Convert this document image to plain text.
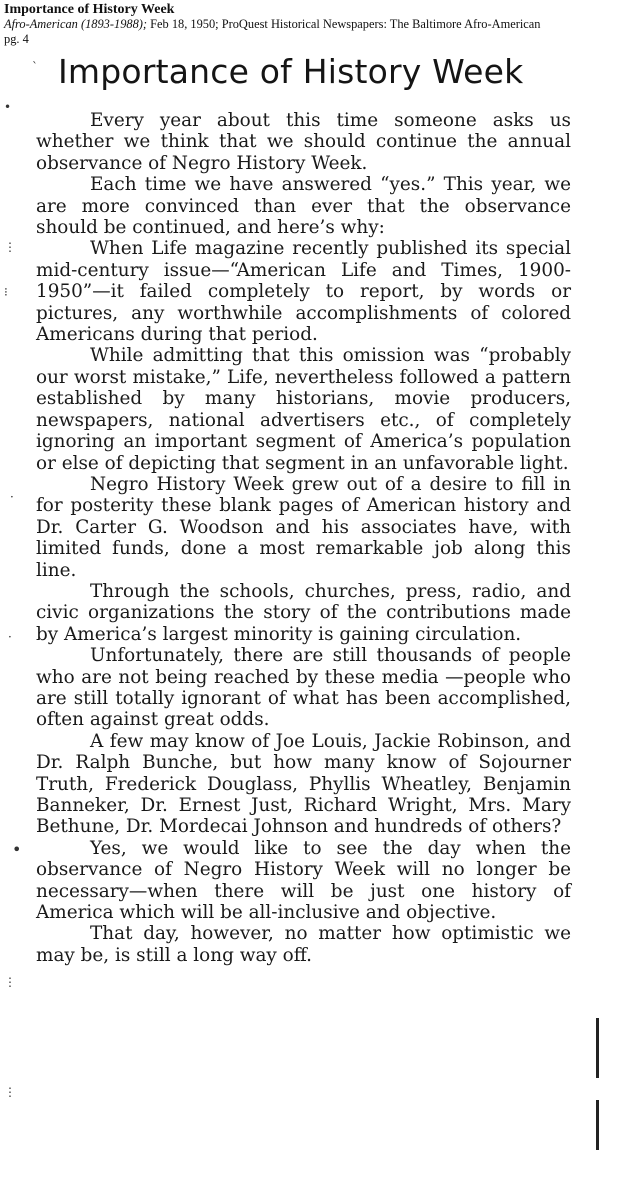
Importance of History Week
Afro-American (1893-1988); Feb 18, 1950; ProQuest Historical Newspapers: The Baltimore Afro-American
pg. 4
Importance of History Week

Every year about this time someone asks us whether we think that we should continue the annual observance of Negro History Week.

Each time we have answered “yes.” This year, we are more convinced than ever that the observance should be continued, and here’s why:

When Life magazine recently published its special mid-century issue—“American Life and Times, 1900-1950”—it failed completely to report, by words or pictures, any worthwhile accomplishments of colored Americans during that period.

While admitting that this omission was “probably our worst mistake,” Life, nevertheless followed a pattern established by many historians, movie producers, newspapers, national advertisers etc., of completely ignoring an important segment of America’s population or else of depicting that segment in an unfavorable light.

Negro History Week grew out of a desire to fill in for posterity these blank pages of American history and Dr. Carter G. Woodson and his associates have, with limited funds, done a most remarkable job along this line.

Through the schools, churches, press, radio, and civic organizations the story of the contributions made by America’s largest minority is gaining circulation.

Unfortunately, there are still thousands of people who are not being reached by these media —people who are still totally ignorant of what has been accomplished, often against great odds.

A few may know of Joe Louis, Jackie Robinson, and Dr. Ralph Bunche, but how many know of Sojourner Truth, Frederick Douglass, Phyllis Wheatley, Benjamin Banneker, Dr. Ernest Just, Richard Wright, Mrs. Mary Bethune, Dr. Mordecai Johnson and hundreds of others?

Yes, we would like to see the day when the observance of Negro History Week will no longer be necessary—when there will be just one history of America which will be all-inclusive and objective.

That day, however, no matter how optimistic we may be, is still a long way off.

`
•
⋮
⁝
·
·
•
⋮
⋮
